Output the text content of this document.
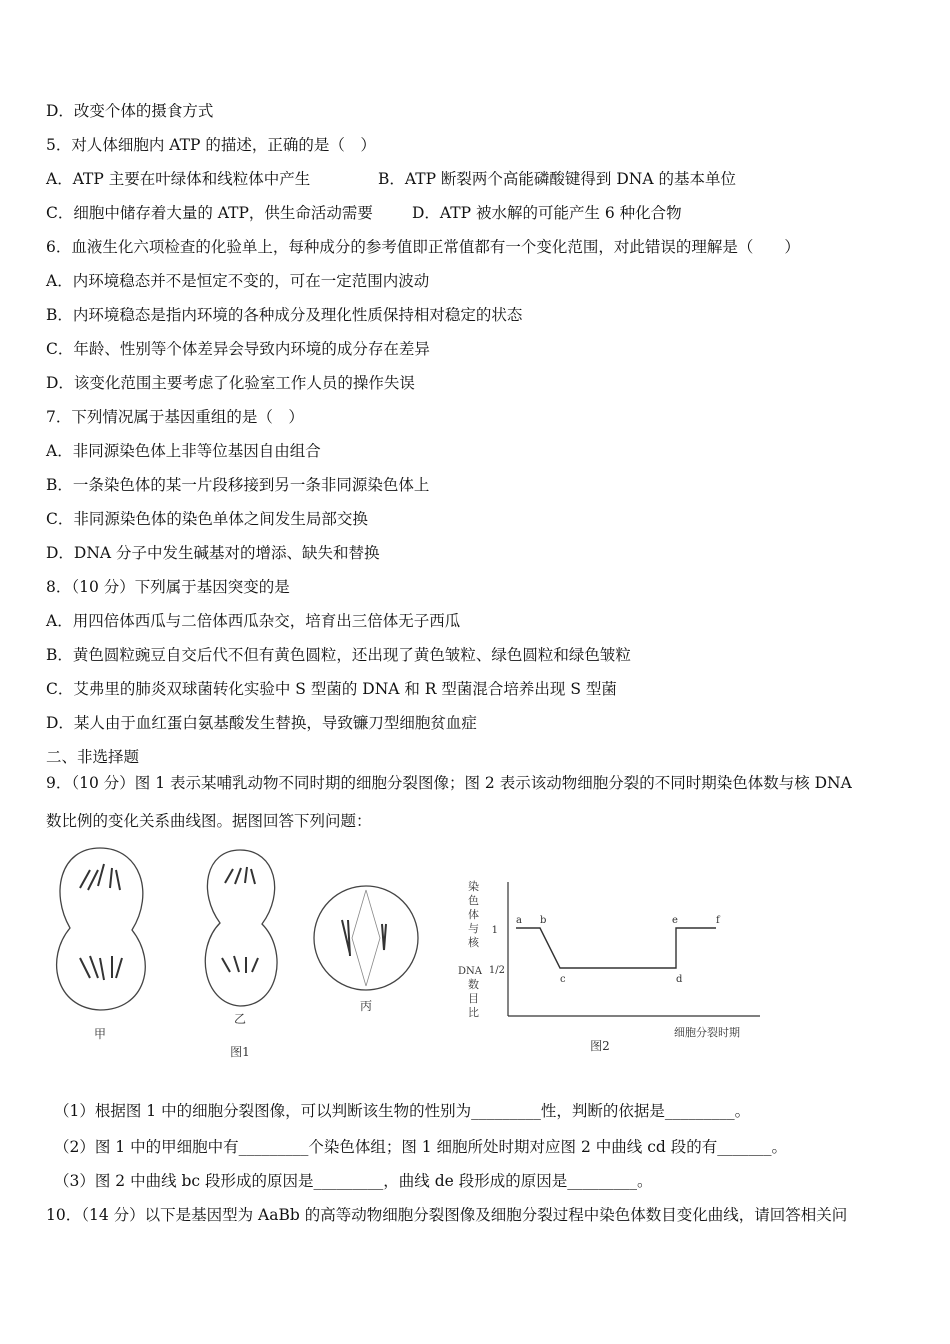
D．改变个体的摄食方式
5．对人体细胞内 ATP 的描述，正确的是（　）
A．ATP 主要在叶绿体和线粒体中产生	B．ATP 断裂两个高能磷酸键得到 DNA 的基本单位
C．细胞中储存着大量的 ATP，供生命活动需要	D．ATP 被水解的可能产生 6 种化合物
6．血液生化六项检查的化验单上，每种成分的参考值即正常值都有一个变化范围，对此错误的理解是（　　）
A．内环境稳态并不是恒定不变的，可在一定范围内波动
B．内环境稳态是指内环境的各种成分及理化性质保持相对稳定的状态
C．年龄、性别等个体差异会导致内环境的成分存在差异
D．该变化范围主要考虑了化验室工作人员的操作失误
7．下列情况属于基因重组的是（　）
A．非同源染色体上非等位基因自由组合
B．一条染色体的某一片段移接到另一条非同源染色体上
C．非同源染色体的染色单体之间发生局部交换
D．DNA 分子中发生碱基对的增添、缺失和替换
8．（10 分）下列属于基因突变的是
A．用四倍体西瓜与二倍体西瓜杂交，培育出三倍体无子西瓜
B．黄色圆粒豌豆自交后代不但有黄色圆粒，还出现了黄色皱粒、绿色圆粒和绿色皱粒
C．艾弗里的肺炎双球菌转化实验中 S 型菌的 DNA 和 R 型菌混合培养出现 S 型菌
D．某人由于血红蛋白氨基酸发生替换，导致镰刀型细胞贫血症
二、非选择题
9．（10 分）图 1 表示某哺乳动物不同时期的细胞分裂图像；图 2 表示该动物细胞分裂的不同时期染色体数与核 DNA
数比例的变化关系曲线图。据图回答下列问题：
甲
乙
丙
图1
染
色
体
与
核
DNA
数
目
比
1
1/2
a b
c	d
e	f
细胞分裂时期
图2
（1）根据图 1 中的细胞分裂图像，可以判断该生物的性别为_________性，判断的依据是_________。
（2）图 1 中的甲细胞中有_________个染色体组；图 1 细胞所处时期对应图 2 中曲线 cd 段的有_______。
（3）图 2 中曲线 bc 段形成的原因是_________，曲线 de 段形成的原因是_________。
10．（14 分）以下是基因型为 AaBb 的高等动物细胞分裂图像及细胞分裂过程中染色体数目变化曲线，请回答相关问
